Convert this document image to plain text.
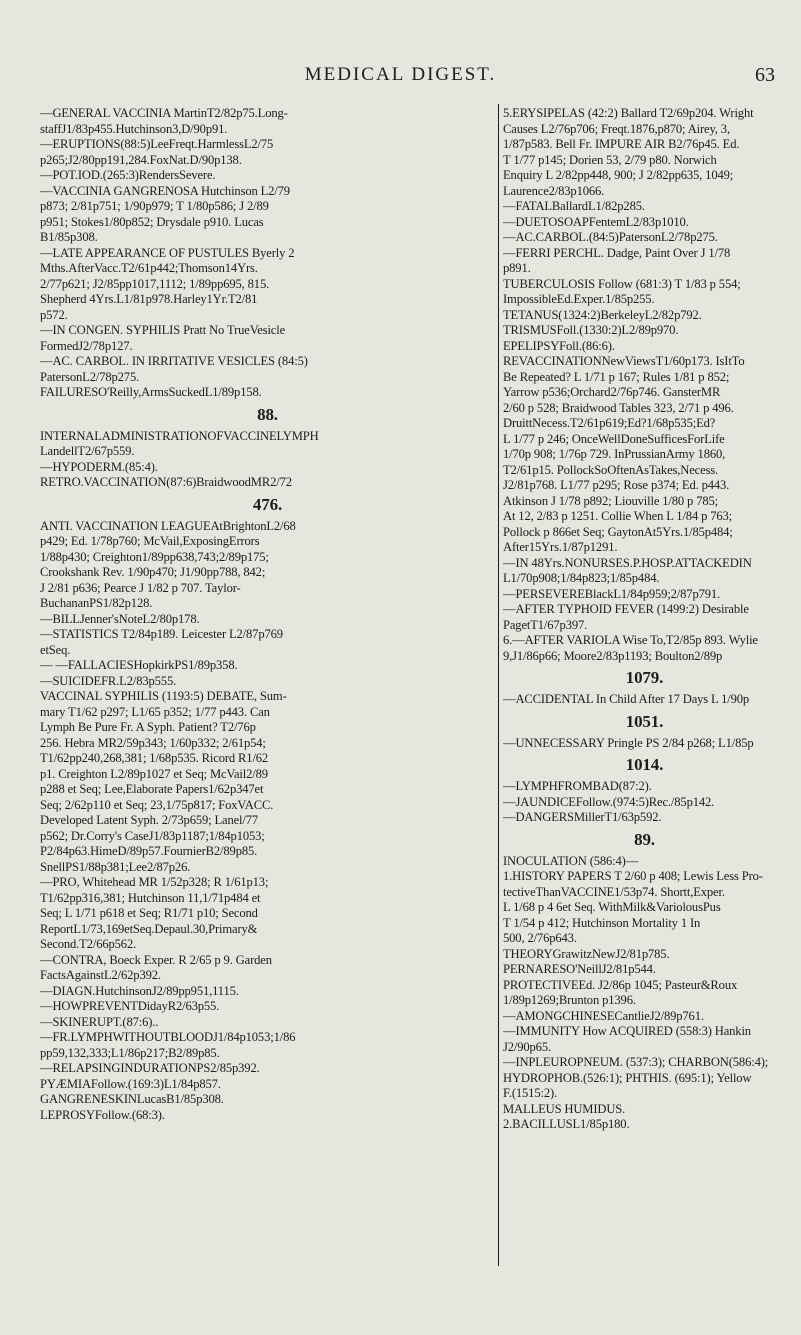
MEDICAL DIGEST.	63
—GENERAL VACCINIA MartinT2/82p75.Long-
staffJ1/83p455.Hutchinson3,D/90p91.
—ERUPTIONS(88:5)LeeFreqt.HarmlessL2/75
p265;J2/80pp191,284.FoxNat.D/90p138.
—POT.IOD.(265:3)RendersSevere.
—VACCINIA GANGRENOSA Hutchinson L2/79
p873; 2/81p751; 1/90p979; T 1/80p586; J 2/89
p951; Stokes1/80p852; Drysdale p910. Lucas
B1/85p308.
—LATE APPEARANCE OF PUSTULES Byerly 2
Mths.AfterVacc.T2/61p442;Thomson14Yrs.
2/77p621; J2/85pp1017,1112; 1/89pp695, 815.
Shepherd 4Yrs.L1/81p978.Harley1Yr.T2/81
p572.
—IN CONGEN. SYPHILIS Pratt No TrueVesicle
FormedJ2/78p127.
—AC. CARBOL. IN IRRITATIVE VESICLES (84:5)
PatersonL2/78p275.
FAILURESO'Reilly,ArmsSuckedL1/89p158.
88.
INTERNALADMINISTRATIONOFVACCINELYMPH
LandellT2/67p559.
—HYPODERM.(85:4).
RETRO.VACCINATION(87:6)BraidwoodMR2/72
476.
ANTI. VACCINATION LEAGUEAtBrightonL2/68
p429; Ed. 1/78p760; McVail,ExposingErrors
1/88p430; Creighton1/89pp638,743;2/89p175;
Crookshank Rev. 1/90p470; J1/90pp788, 842;
J 2/81 p636; Pearce J 1/82 p 707. Taylor-
BuchananPS1/82p128.
—BILLJenner'sNoteL2/80p178.
—STATISTICS T2/84p189. Leicester L2/87p769
etSeq.
— —FALLACIESHopkirkPS1/89p358.
—SUICIDEFR.L2/83p555.
VACCINAL SYPHILIS (1193:5) DEBATE, Sum-
mary T1/62 p297; L1/65 p352; 1/77 p443. Can
Lymph Be Pure Fr. A Syph. Patient? T2/76p
256. Hebra MR2/59p343; 1/60p332; 2/61p54;
T1/62pp240,268,381; 1/68p535. Ricord R1/62
p1. Creighton L2/89p1027 et Seq; McVail2/89
p288 et Seq; Lee,Elaborate Papers1/62p347et
Seq; 2/62p110 et Seq; 23,1/75p817; FoxVACC.
Developed Latent Syph. 2/73p659; Lanel/77
p562; Dr.Corry's CaseJ1/83p1187;1/84p1053;
P2/84p63.HimeD/89p57.FournierB2/89p85.
SnellPS1/88p381;Lee2/87p26.
—PRO, Whitehead MR 1/52p328; R 1/61p13;
T1/62pp316,381; Hutchinson 11,1/71p484 et
Seq; L 1/71 p618 et Seq; R1/71 p10; Second
ReportL1/73,169etSeq.Depaul.30,Primary&
Second.T2/66p562.
—CONTRA, Boeck Exper. R 2/65 p 9. Garden
FactsAgainstL2/62p392.
—DIAGN.HutchinsonJ2/89pp951,1115.
—HOWPREVENTDidayR2/63p55.
—SKINERUPT.(87:6)..
—FR.LYMPHWITHOUTBLOODJ1/84p1053;1/86
pp59,132,333;L1/86p217;B2/89p85.
—RELAPSINGINDURATIONPS2/85p392.
PYÆMIAFollow.(169:3)L1/84p857.
GANGRENESKINLucasB1/85p308.
LEPROSYFollow.(68:3).
5.ERYSIPELAS (42:2) Ballard T2/69p204. Wright
Causes L2/76p706; Freqt.1876,p870; Airey, 3,
1/87p583. Bell Fr. IMPURE AIR B2/76p45. Ed.
T 1/77 p145; Dorien 53, 2/79 p80. Norwich
Enquiry L 2/82pp448, 900; J 2/82pp635, 1049;
Laurence2/83p1066.
—FATALBallardL1/82p285.
—DUETOSOAPFentemL2/83p1010.
—AC.CARBOL.(84:5)PatersonL2/78p275.
—FERRI PERCHL. Dadge, Paint Over J 1/78
p891.
TUBERCULOSIS Follow (681:3) T 1/83 p 554;
ImpossibleEd.Exper.1/85p255.
TETANUS(1324:2)BerkeleyL2/82p792.
TRISMUSFoll.(1330:2)L2/89p970.
EPELIPSYFoll.(86:6).
REVACCINATIONNewViewsT1/60p173. IsItTo
Be Repeated? L 1/71 p 167; Rules 1/81 p 852;
Yarrow p536;Orchard2/76p746. GansterMR
2/60 p 528; Braidwood Tables 323, 2/71 p 496.
DruittNecess.T2/61p619;Ed?1/68p535;Ed?
L 1/77 p 246; OnceWellDoneSufficesForLife
1/70p 908; 1/76p 729. InPrussianArmy 1860,
T2/61p15. PollockSoOftenAsTakes,Necess.
J2/81p768. L1/77 p295; Rose p374; Ed. p443.
Atkinson J 1/78 p892; Liouville 1/80 p 785;
At 12, 2/83 p 1251. Collie When L 1/84 p 763;
Pollock p 866et Seq; GaytonAt5Yrs.1/85p484;
After15Yrs.1/87p1291.
—IN 48Yrs.NONURSES.P.HOSP.ATTACKEDIN
L1/70p908;1/84p823;1/85p484.
—PERSEVEREBlackL1/84p959;2/87p791.
—AFTER TYPHOID FEVER (1499:2) Desirable
PagetT1/67p397.
6.—AFTER VARIOLA Wise To,T2/85p 893. Wylie
9,J1/86p66; Moore2/83p1193; Boulton2/89p
1079.
—ACCIDENTAL In Child After 17 Days L 1/90p
1051.
—UNNECESSARY Pringle PS 2/84 p268; L1/85p
1014.
—LYMPHFROMBAD(87:2).
—JAUNDICEFollow.(974:5)Rec./85p142.
—DANGERSMillerT1/63p592.
89.
INOCULATION (586:4)—
1.HISTORY PAPERS T 2/60 p 408; Lewis Less Pro-
tectiveThanVACCINE1/53p74. Shortt,Exper.
L 1/68 p 4 6et Seq. WithMilk&VariolousPus
T 1/54 p 412; Hutchinson Mortality 1 In
500, 2/76p643.
THEORYGrawitzNewJ2/81p785.
PERNARESO'NeillJ2/81p544.
PROTECTIVEEd. J2/86p 1045; Pasteur&Roux
1/89p1269;Brunton p1396.
—AMONGCHINESECantlieJ2/89p761.
—IMMUNITY How ACQUIRED (558:3) Hankin
J2/90p65.
—INPLEUROPNEUM. (537:3); CHARBON(586:4);
HYDROPHOB.(526:1); PHTHIS. (695:1); Yellow
F.(1515:2).
MALLEUS HUMIDUS.
2.BACILLUSL1/85p180.
